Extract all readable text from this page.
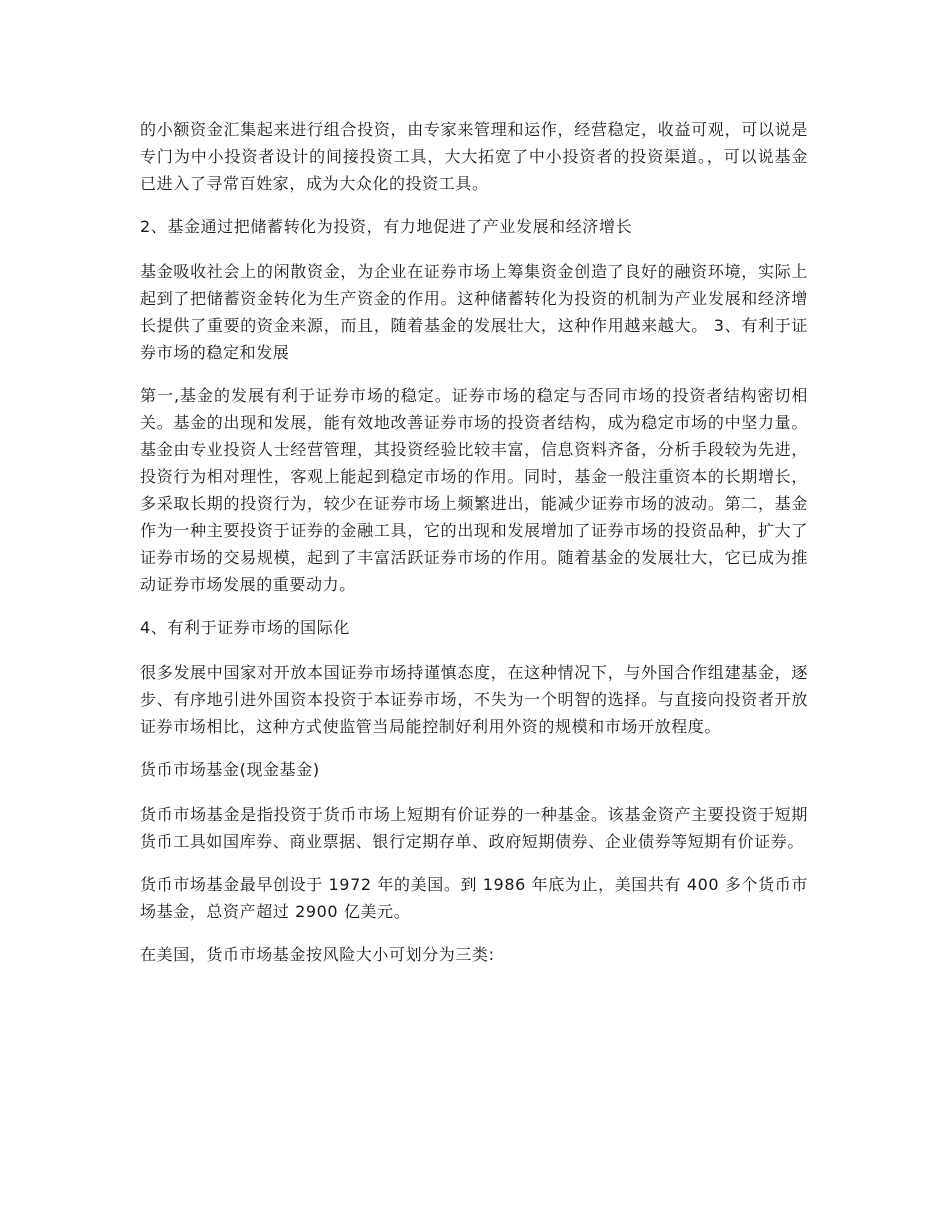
的小额资金汇集起来进行组合投资，由专家来管理和运作，经营稳定，收益可观，可以说是专门为中小投资者设计的间接投资工具，大大拓宽了中小投资者的投资渠道。，可以说基金已进入了寻常百姓家，成为大众化的投资工具。

2、基金通过把储蓄转化为投资，有力地促进了产业发展和经济增长

基金吸收社会上的闲散资金，为企业在证券市场上筹集资金创造了良好的融资环境，实际上起到了把储蓄资金转化为生产资金的作用。这种储蓄转化为投资的机制为产业发展和经济增长提供了重要的资金来源，而且，随着基金的发展壮大，这种作用越来越大。 3、有利于证券市场的稳定和发展

第一,基金的发展有利于证券市场的稳定。证券市场的稳定与否同市场的投资者结构密切相关。基金的出现和发展，能有效地改善证券市场的投资者结构，成为稳定市场的中坚力量。基金由专业投资人士经营管理，其投资经验比较丰富，信息资料齐备，分析手段较为先进，投资行为相对理性，客观上能起到稳定市场的作用。同时，基金一般注重资本的长期增长，多采取长期的投资行为，较少在证券市场上频繁进出，能减少证券市场的波动。第二，基金作为一种主要投资于证券的金融工具，它的出现和发展增加了证券市场的投资品种，扩大了证券市场的交易规模，起到了丰富活跃证券市场的作用。随着基金的发展壮大，它已成为推动证券市场发展的重要动力。

4、有利于证券市场的国际化

很多发展中国家对开放本国证券市场持谨慎态度，在这种情况下，与外国合作组建基金，逐步、有序地引进外国资本投资于本证券市场，不失为一个明智的选择。与直接向投资者开放证券市场相比，这种方式使监管当局能控制好利用外资的规模和市场开放程度。

货币市场基金(现金基金)

货币市场基金是指投资于货币市场上短期有价证券的一种基金。该基金资产主要投资于短期货币工具如国库券、商业票据、银行定期存单、政府短期债券、企业债券等短期有价证券。

货币市场基金最早创设于 1972 年的美国。到 1986 年底为止，美国共有 400 多个货币市场基金，总资产超过 2900 亿美元。

在美国，货币市场基金按风险大小可划分为三类:
